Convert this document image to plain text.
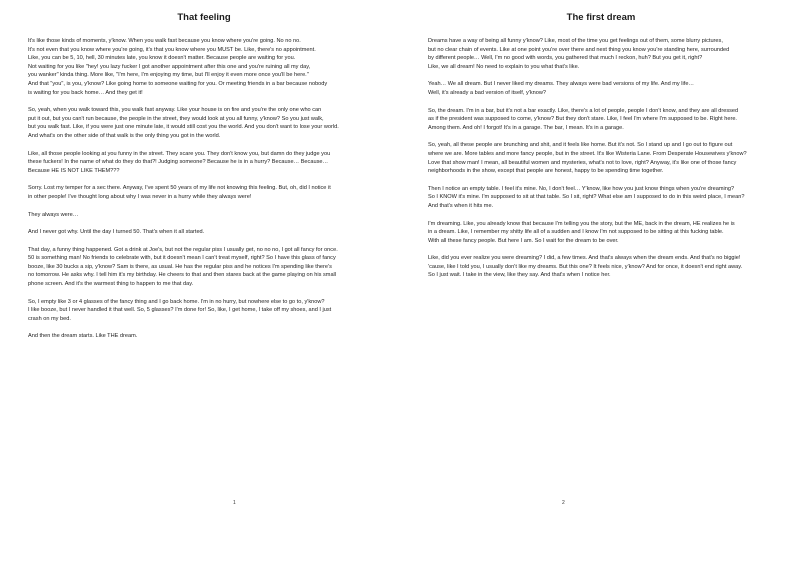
That feeling

It's like those kinds of moments, y'know. When you walk fast because you know where you're going. No no no.
It's not even that you know where you're going, it's that you know where you MUST be. Like, there's no appointment.
Like, you can be 5, 10, hell, 30 minutes late, you know it doesn't matter. Because people are waiting for you.
Not waiting for you like "hey! you lazy fucker I got another appointment after this one and you're ruining all my day,
you wanker" kinda thing. More like, "I'm here, I'm enjoying my time, but I'll enjoy it even more once you'll be here."
And that "you", is you, y'know? Like going home to someone waiting for you. Or meeting friends in a bar because nobody
is waiting for you back home… And they get it!

So, yeah, when you walk toward this, you walk fast anyway. Like your house is on fire and you're the only one who can
put it out, but you can't run because, the people in the street, they would look at you all funny, y'know? So you just walk,
but you walk fast. Like, if you were just one minute late, it would still cost you the world. And you don't want to lose your world.
And what's on the other side of that walk is the only thing you got in the world.

Like, all those people looking at you funny in the street. They scare you. They don't know you, but damn do they judge you
these fuckers! In the name of what do they do that?! Judging someone? Because he is in a hurry? Because… Because…
Because HE IS NOT LIKE THEM???

Sorry. Lost my temper for a sec there. Anyway, I've spent 50 years of my life not knowing this feeling. But, oh, did I notice it
in other people! I've thought long about why I was never in a hurry while they always were!

They always were…

And I never got why. Until the day I turned 50. That's when it all started.

That day, a funny thing happened. Got a drink at Joe's, but not the regular piss I usually get, no no no, I got all fancy for once.
50 is something man! No friends to celebrate with, but it doesn't mean I can't treat myself, right? So I have this glass of fancy
booze, like 30 bucks a sip, y'know? Sam is there, as usual. He has the regular piss and he notices I'm spending like there's
no tomorrow. He asks why. I tell him it's my birthday. He cheers to that and then stares back at the game playing on his small
phone screen. And it's the warmest thing to happen to me that day.

So, I empty like 3 or 4 glasses of the fancy thing and I go back home. I'm in no hurry, but nowhere else to go to, y'know?
I like booze, but I never handled it that well. So, 5 glasses? I'm done for! So, like, I get home, I take off my shoes, and I just
crash on my bed.

And then the dream starts. Like THE dream.

1
The first dream

Dreams have a way of being all funny y'know? Like, most of the time you get feelings out of them, some blurry pictures,
but no clear chain of events. Like at one point you're over there and next thing you know you're standing here, surrounded
by different people… Well, I'm no good with words, you gathered that much I reckon, huh? But you get it, right?
Like, we all dream! No need to explain to you what that's like.

Yeah… We all dream. But I never liked my dreams. They always were bad versions of my life. And my life…
Well, it's already a bad version of itself, y'know?

So, the dream. I'm in a bar, but it's not a bar exactly. Like, there's a lot of people, people I don't know, and they are all dressed
as if the president was supposed to come, y'know? But they don't stare. Like, I feel I'm where I'm supposed to be. Right here.
Among them. And oh! I forgot! It's in a garage. The bar, I mean. It's in a garage.

So, yeah, all these people are brunching and shit, and it feels like home. But it's not. So I stand up and I go out to figure out
where we are. More tables and more fancy people, but in the street. It's like Wisteria Lane. From Desperate Housewives y'know?
Love that show man! I mean, all beautiful women and mysteries, what's not to love, right? Anyway, it's like one of those fancy
neighborhoods in the show, except that people are honest, happy to be spending time together.

Then I notice an empty table. I feel it's mine. No, I don't feel… Y'know, like how you just know things when you're dreaming?
So I KNOW it's mine. I'm supposed to sit at that table. So I sit, right? What else am I supposed to do in this weird place, I mean?
And that's when it hits me.

I'm dreaming. Like, you already know that because I'm telling you the story, but the ME, back in the dream, HE realizes he is
in a dream. Like, I remember my shitty life all of a sudden and I know I'm not supposed to be sitting at this fucking table.
With all these fancy people. But here I am. So I wait for the dream to be over.

Like, did you ever realize you were dreaming? I did, a few times. And that's always when the dream ends. And that's no biggie!
'cause, like I told you, I usually don't like my dreams. But this one? It feels nice, y'know? And for once, it doesn't end right away.
So I just wait. I take in the view, like they say. And that's when I notice her.

2
